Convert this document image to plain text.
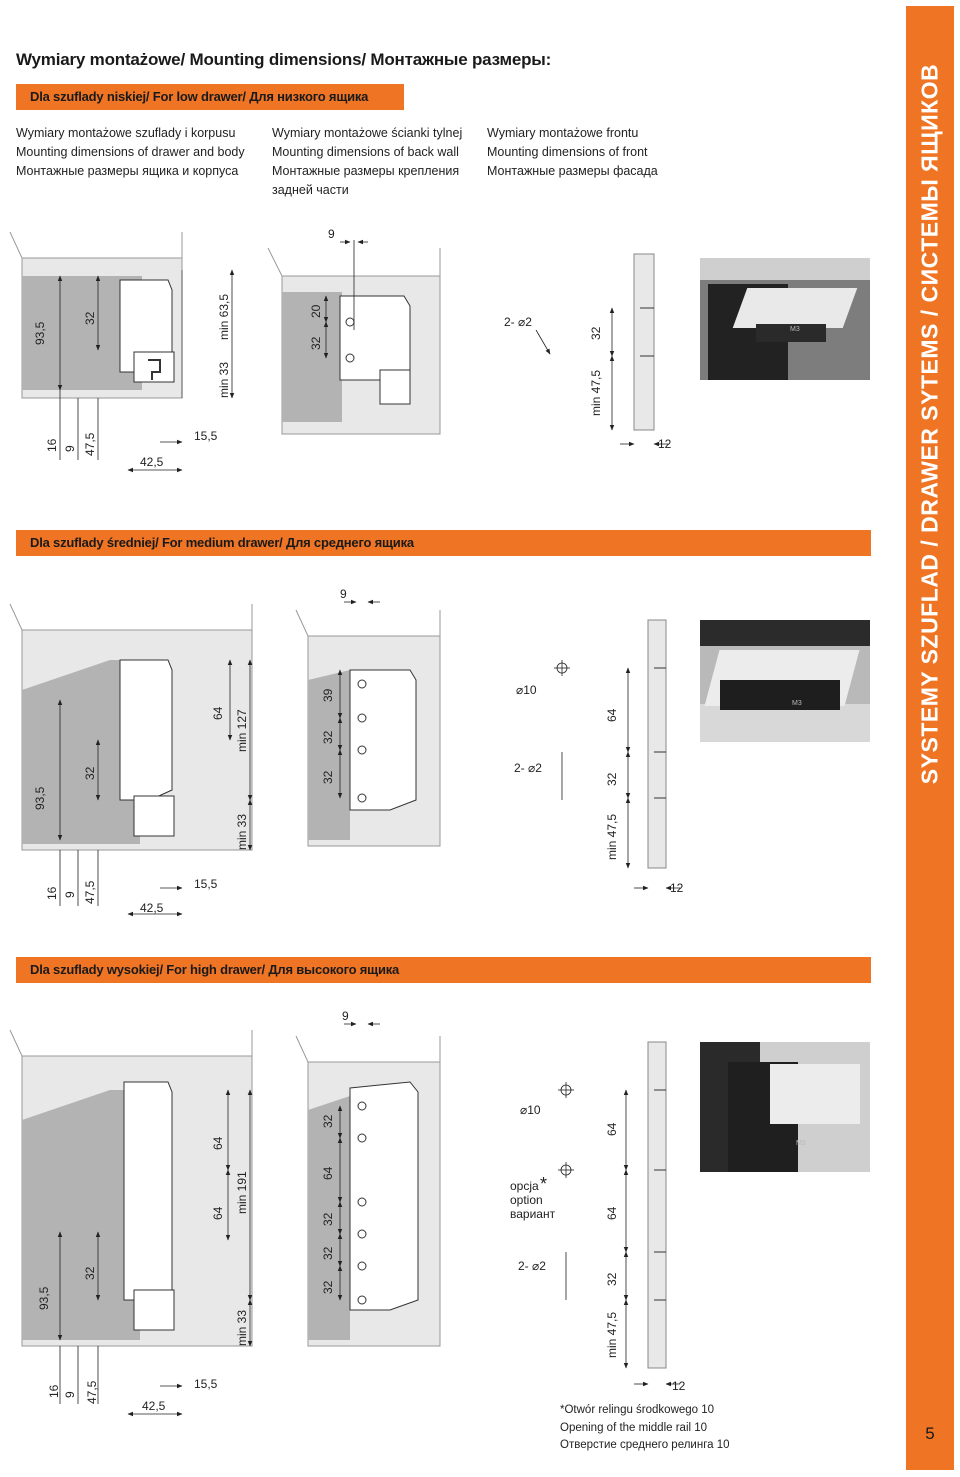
Wymiary montażowe/ Mounting dimensions/ Монтажные размеры:
Dla szuflady niskiej/ For low drawer/ Для низкого ящика
Dla szuflady średniej/ For medium drawer/ Для среднего ящика
Dla szuflady wysokiej/ For high drawer/ Для высокого ящика
Wymiary montażowe szuflady i korpusu
Mounting dimensions of drawer and body
Монтажные размеры ящика и корпуса
Wymiary montażowe ścianki tylnej
Mounting dimensions of back wall
Монтажные размеры крепления
задней части
Wymiary montażowe frontu
Mounting dimensions of front
Монтажные размеры фасада
93,5
32
16 9 47,5
42,5
15,5
min 33
min 63,5
9
20
32
2- ⌀2
32
min 47,5
12
93,5
32
64 min 127
min 33
16 9 47,5
42,5
15,5
9
39
32
32
⌀10
2- ⌀2
64
32
min 47,5
12
93,5
32
64
64 min 191
min 33
16 9 47,5
42,5
15,5
9
32
64
32
32
32
⌀10
opcja
option
вариант
*
2- ⌀2
64
64
32
min 47,5
12
M3
M3
M3
*Otwór relingu środkowego 10
Opening of the middle rail 10
Отверстие среднего релинга 10
SYSTEMY SZUFLAD / DRAWER SYTEMS / СИСТЕМЫ ЯЩИКОВ
5
